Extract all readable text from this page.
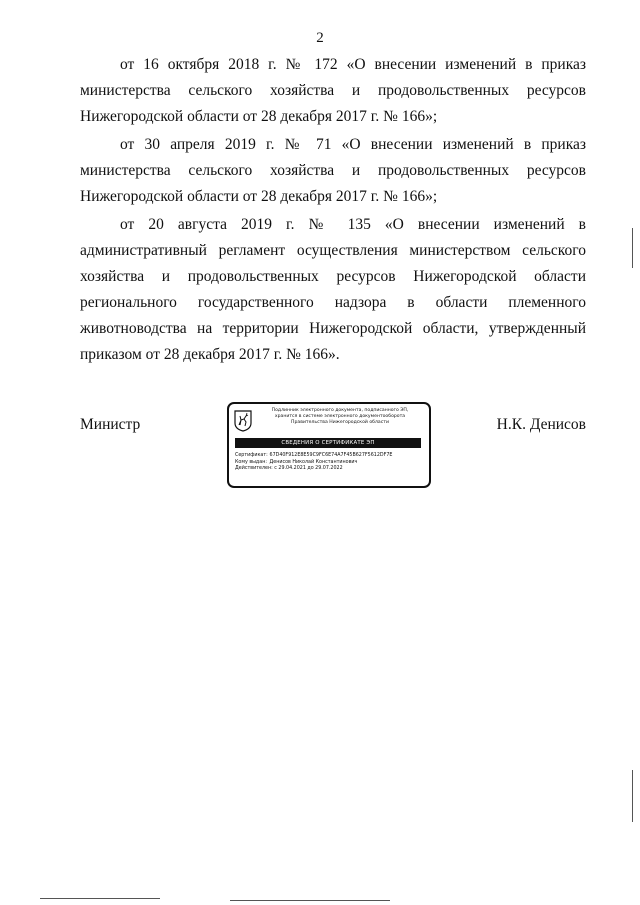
2

от 16 октября 2018 г. № 172 «О внесении изменений в приказ министерства сельского хозяйства и продовольственных ресурсов Нижегородской области от 28 декабря 2017 г. № 166»;

от 30 апреля 2019 г. № 71 «О внесении изменений в приказ министерства сельского хозяйства и продовольственных ресурсов Нижегородской области от 28 декабря 2017 г. № 166»;

от 20 августа 2019 г. № 135 «О внесении изменений в административный регламент осуществления министерством сельского хозяйства и продовольственных ресурсов Нижегородской области регионального государственного надзора в области племенного животноводства на территории Нижегородской области, утвержденный приказом от 28 декабря 2017 г. № 166».

Министр
Подлинник электронного документа, подписанного ЭП,
хранится в системе электронного документооборота
Правительства Нижегородской области
СВЕДЕНИЯ О СЕРТИФИКАТЕ ЭП
Сертификат: 67D40F912E8E59C9FC6E74A7F45B627F5612DF7E
Кому выдан: Денисов Николай Константинович
Действителен: с 29.04.2021 до 29.07.2022
Н.К. Денисов
